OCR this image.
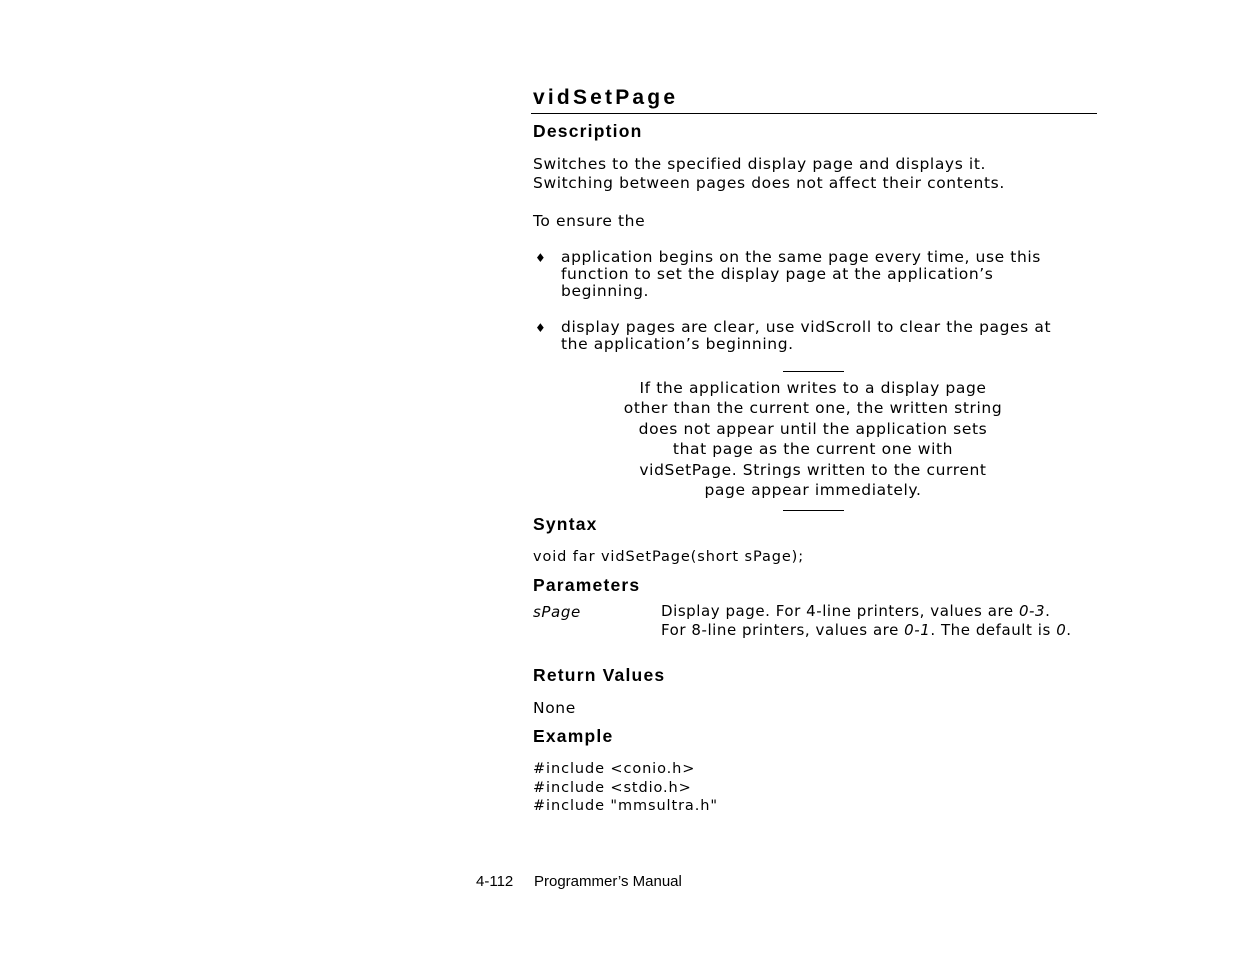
vidSetPage
Description
Switches to the specified display page and displays it.
Switching between pages does not affect their contents.
To ensure the
♦ application begins on the same page every time, use this
function to set the display page at the application’s
beginning.
♦ display pages are clear, use vidScroll to clear the pages at
the application’s beginning.
If the application writes to a display page
other than the current one, the written string
does not appear until the application sets
that page as the current one with
vidSetPage. Strings written to the current
page appear immediately.
Syntax
void far vidSetPage(short sPage);
Parameters
sPage	Display page. For 4-line printers, values are 0-3.
For 8-line printers, values are 0-1. The default is 0.
Return Values
None
Example
#include <conio.h>
#include <stdio.h>
#include "mmsultra.h"
4-112 Programmer’s Manual
